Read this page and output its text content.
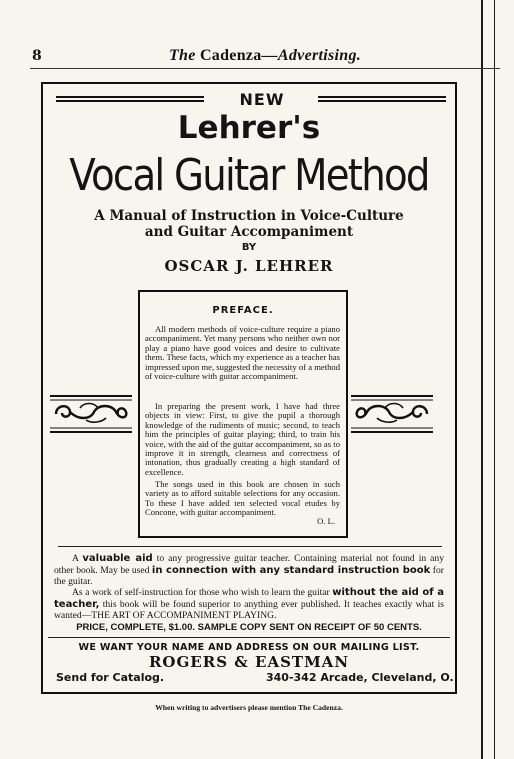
8	The Cadenza—Advertising.
NEW
Lehrer's
Vocal Guitar Method
A Manual of Instruction in Voice-Culture
and Guitar Accompaniment
BY
OSCAR J. LEHRER
PREFACE.

All modern methods of voice-culture require a piano accompaniment. Yet many persons who neither own nor play a piano have good voices and desire to cultivate them. These facts, which my experience as a teacher has impressed upon me, suggested the necessity of a method of voice-culture with guitar accompaniment.

In preparing the present work, I have had three objects in view: First, to give the pupil a thorough knowledge of the rudiments of music; second, to teach him the principles of guitar playing; third, to train his voice, with the aid of the guitar accompaniment, so as to improve it in strength, clearness and correctness of intonation, thus gradually creating a high standard of excellence.

The songs used in this book are chosen in such variety as to afford suitable selections for any occasion. To these I have added ten selected vocal etudes by Concone, with guitar accompaniment.

O. L.
A valuable aid to any progressive guitar teacher. Containing material not found in any other book. May be used in connection with any standard instruction book for the guitar.
As a work of self-instruction for those who wish to learn the guitar without the aid of a teacher, this book will be found superior to anything ever published. It teaches exactly what is wanted—THE ART OF ACCOMPANIMENT PLAYING.
PRICE, COMPLETE, $1.00. SAMPLE COPY SENT ON RECEIPT OF 50 CENTS.
WE WANT YOUR NAME AND ADDRESS ON OUR MAILING LIST.
ROGERS & EASTMAN
Send for Catalog.	340-342 Arcade, Cleveland, O.
When writing to advertisers please mention The Cadenza.
